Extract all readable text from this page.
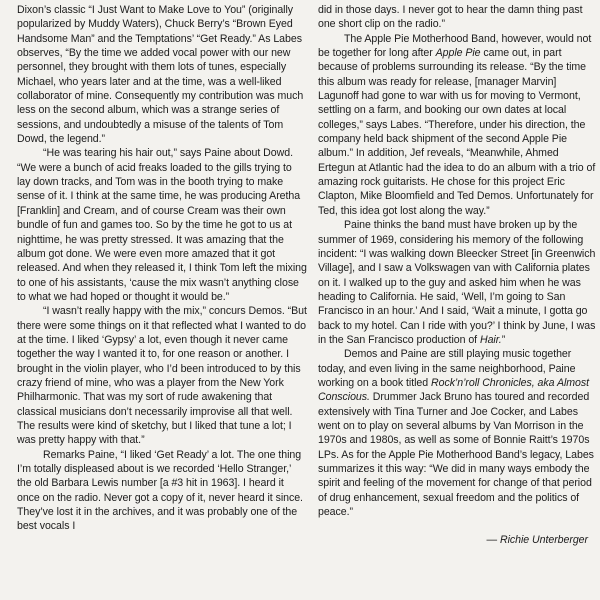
Dixon’s classic “I Just Want to Make Love to You” (originally popularized by Muddy Waters), Chuck Berry’s “Brown Eyed Handsome Man” and the Temptations’ “Get Ready.” As Labes observes, “By the time we added vocal power with our new personnel, they brought with them lots of tunes, especially Michael, who years later and at the time, was a well-liked collaborator of mine. Consequently my contribution was much less on the second album, which was a strange series of sessions, and undoubtedly a misuse of the talents of Tom Dowd, the legend.”

“He was tearing his hair out,” says Paine about Dowd. “We were a bunch of acid freaks loaded to the gills trying to lay down tracks, and Tom was in the booth trying to make sense of it. I think at the same time, he was producing Aretha [Franklin] and Cream, and of course Cream was their own bundle of fun and games too. So by the time he got to us at nighttime, he was pretty stressed. It was amazing that the album got done. We were even more amazed that it got released. And when they released it, I think Tom left the mixing to one of his assistants, ‘cause the mix wasn’t anything close to what we had hoped or thought it would be.”

“I wasn’t really happy with the mix,” concurs Demos. “But there were some things on it that reflected what I wanted to do at the time. I liked ‘Gypsy’ a lot, even though it never came together the way I wanted it to, for one reason or another. I brought in the violin player, who I’d been introduced to by this crazy friend of mine, who was a player from the New York Philharmonic. That was my sort of rude awakening that classical musicians don’t necessarily improvise all that well. The results were kind of sketchy, but I liked that tune a lot; I was pretty happy with that.”

Remarks Paine, “I liked ‘Get Ready’ a lot. The one thing I’m totally displeased about is we recorded ‘Hello Stranger,’ the old Barbara Lewis number [a #3 hit in 1963]. I heard it once on the radio. Never got a copy of it, never heard it since. They’ve lost it in the archives, and it was probably one of the best vocals I

did in those days. I never got to hear the damn thing past one short clip on the radio.”

The Apple Pie Motherhood Band, however, would not be together for long after Apple Pie came out, in part because of problems surrounding its release. “By the time this album was ready for release, [manager Marvin] Lagunoff had gone to war with us for moving to Vermont, settling on a farm, and booking our own dates at local colleges,” says Labes. “Therefore, under his direction, the company held back shipment of the second Apple Pie album.” In addition, Jef reveals, “Meanwhile, Ahmed Ertegun at Atlantic had the idea to do an album with a trio of amazing rock guitarists. He chose for this project Eric Clapton, Mike Bloomfield and Ted Demos. Unfortunately for Ted, this idea got lost along the way.”

Paine thinks the band must have broken up by the summer of 1969, considering his memory of the following incident: “I was walking down Bleecker Street [in Greenwich Village], and I saw a Volkswagen van with California plates on it. I walked up to the guy and asked him when he was heading to California. He said, ‘Well, I’m going to San Francisco in an hour.’ And I said, ‘Wait a minute, I gotta go back to my hotel. Can I ride with you?’ I think by June, I was in the San Francisco production of Hair.”

Demos and Paine are still playing music together today, and even living in the same neighborhood, Paine working on a book titled Rock’n’roll Chronicles, aka Almost Conscious. Drummer Jack Bruno has toured and recorded extensively with Tina Turner and Joe Cocker, and Labes went on to play on several albums by Van Morrison in the 1970s and 1980s, as well as some of Bonnie Raitt’s 1970s LPs. As for the Apple Pie Motherhood Band’s legacy, Labes summarizes it this way: “We did in many ways embody the spirit and feeling of the movement for change of that period of drug enhancement, sexual freedom and the politics of peace.”

— Richie Unterberger
